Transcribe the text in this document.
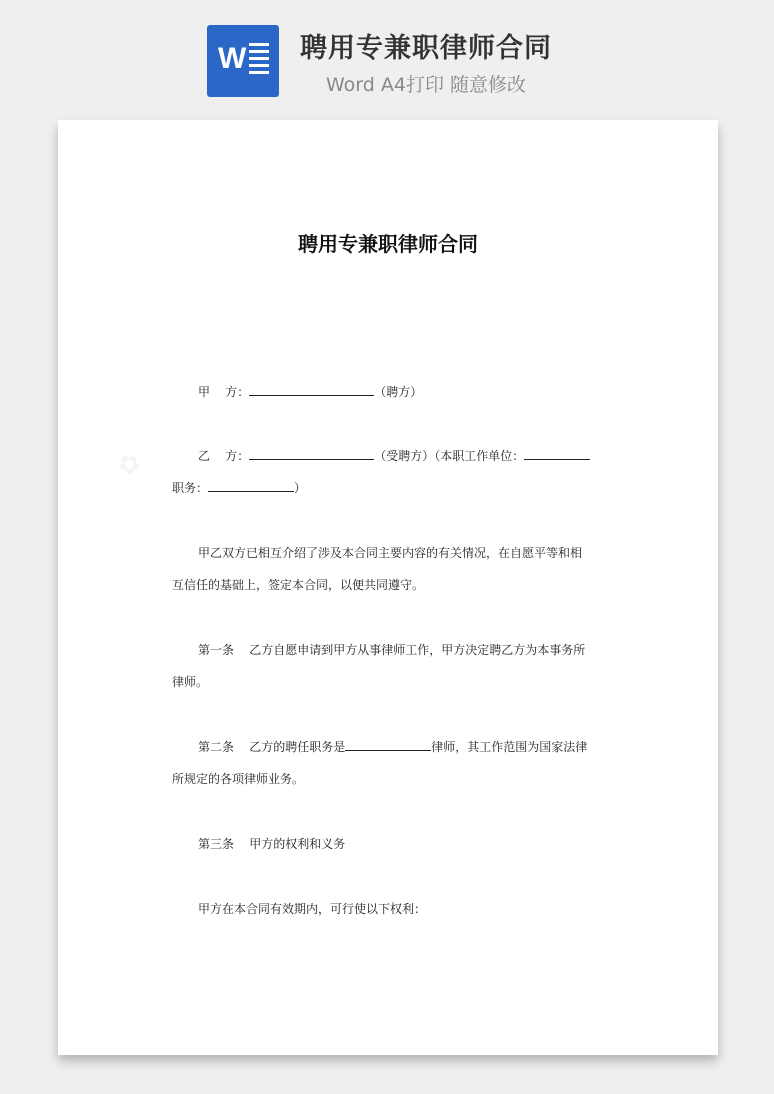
W 聘用专兼职律师合同
Word A4打印 随意修改
聘用专兼职律师合同
甲    方：	（聘方）
乙    方：	（受聘方）（本职工作单位：
职务：	）
甲乙双方已相互介绍了涉及本合同主要内容的有关情况，在自愿平等和相
互信任的基础上，签定本合同，以便共同遵守。
第一条    乙方自愿申请到甲方从事律师工作，甲方决定聘乙方为本事务所
律师。
第二条    乙方的聘任职务是	律师，其工作范围为国家法律
所规定的各项律师业务。
第三条    甲方的权利和义务
甲方在本合同有效期内，可行使以下权利：
